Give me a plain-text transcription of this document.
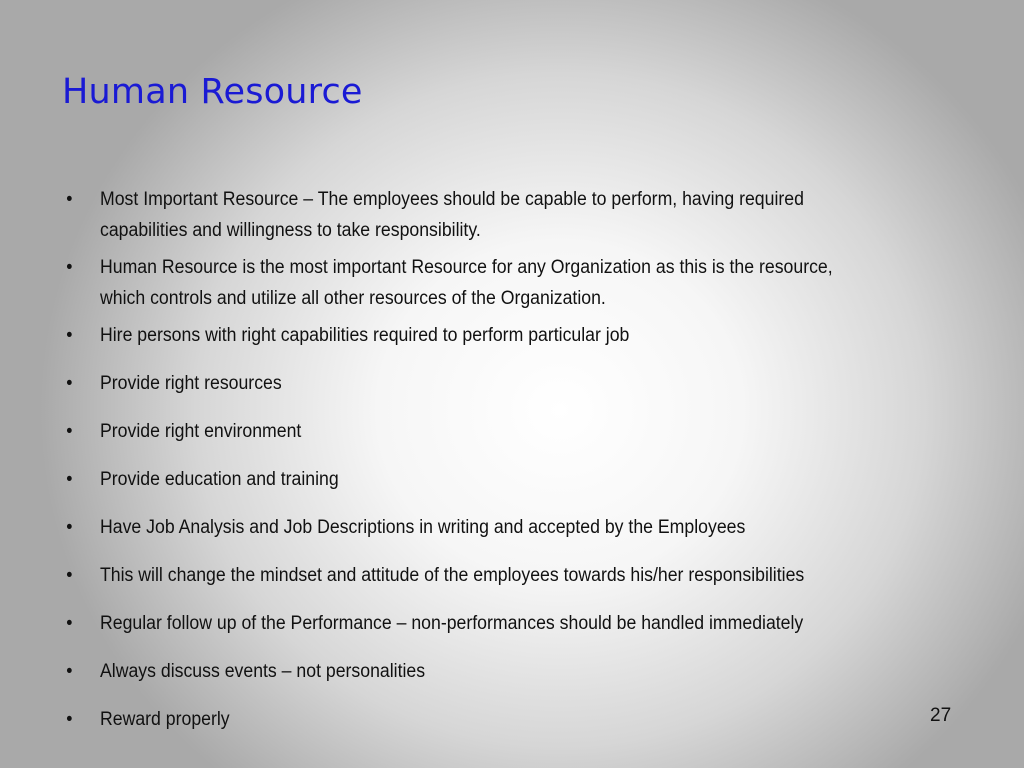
Human Resource
• Most Important Resource – The employees should be capable to perform, having required capabilities and willingness to take responsibility.
• Human Resource is the most important Resource for any Organization as this is the resource, which controls and utilize all other resources of the Organization.
• Hire persons with right capabilities required to perform particular job
• Provide right resources
• Provide right environment
• Provide education and training
• Have Job Analysis and Job Descriptions in writing and accepted by the Employees
• This will change the mindset and attitude of the employees towards his/her responsibilities
• Regular follow up of the Performance – non-performances should be handled immediately
• Always discuss events – not personalities
• Reward properly	27
